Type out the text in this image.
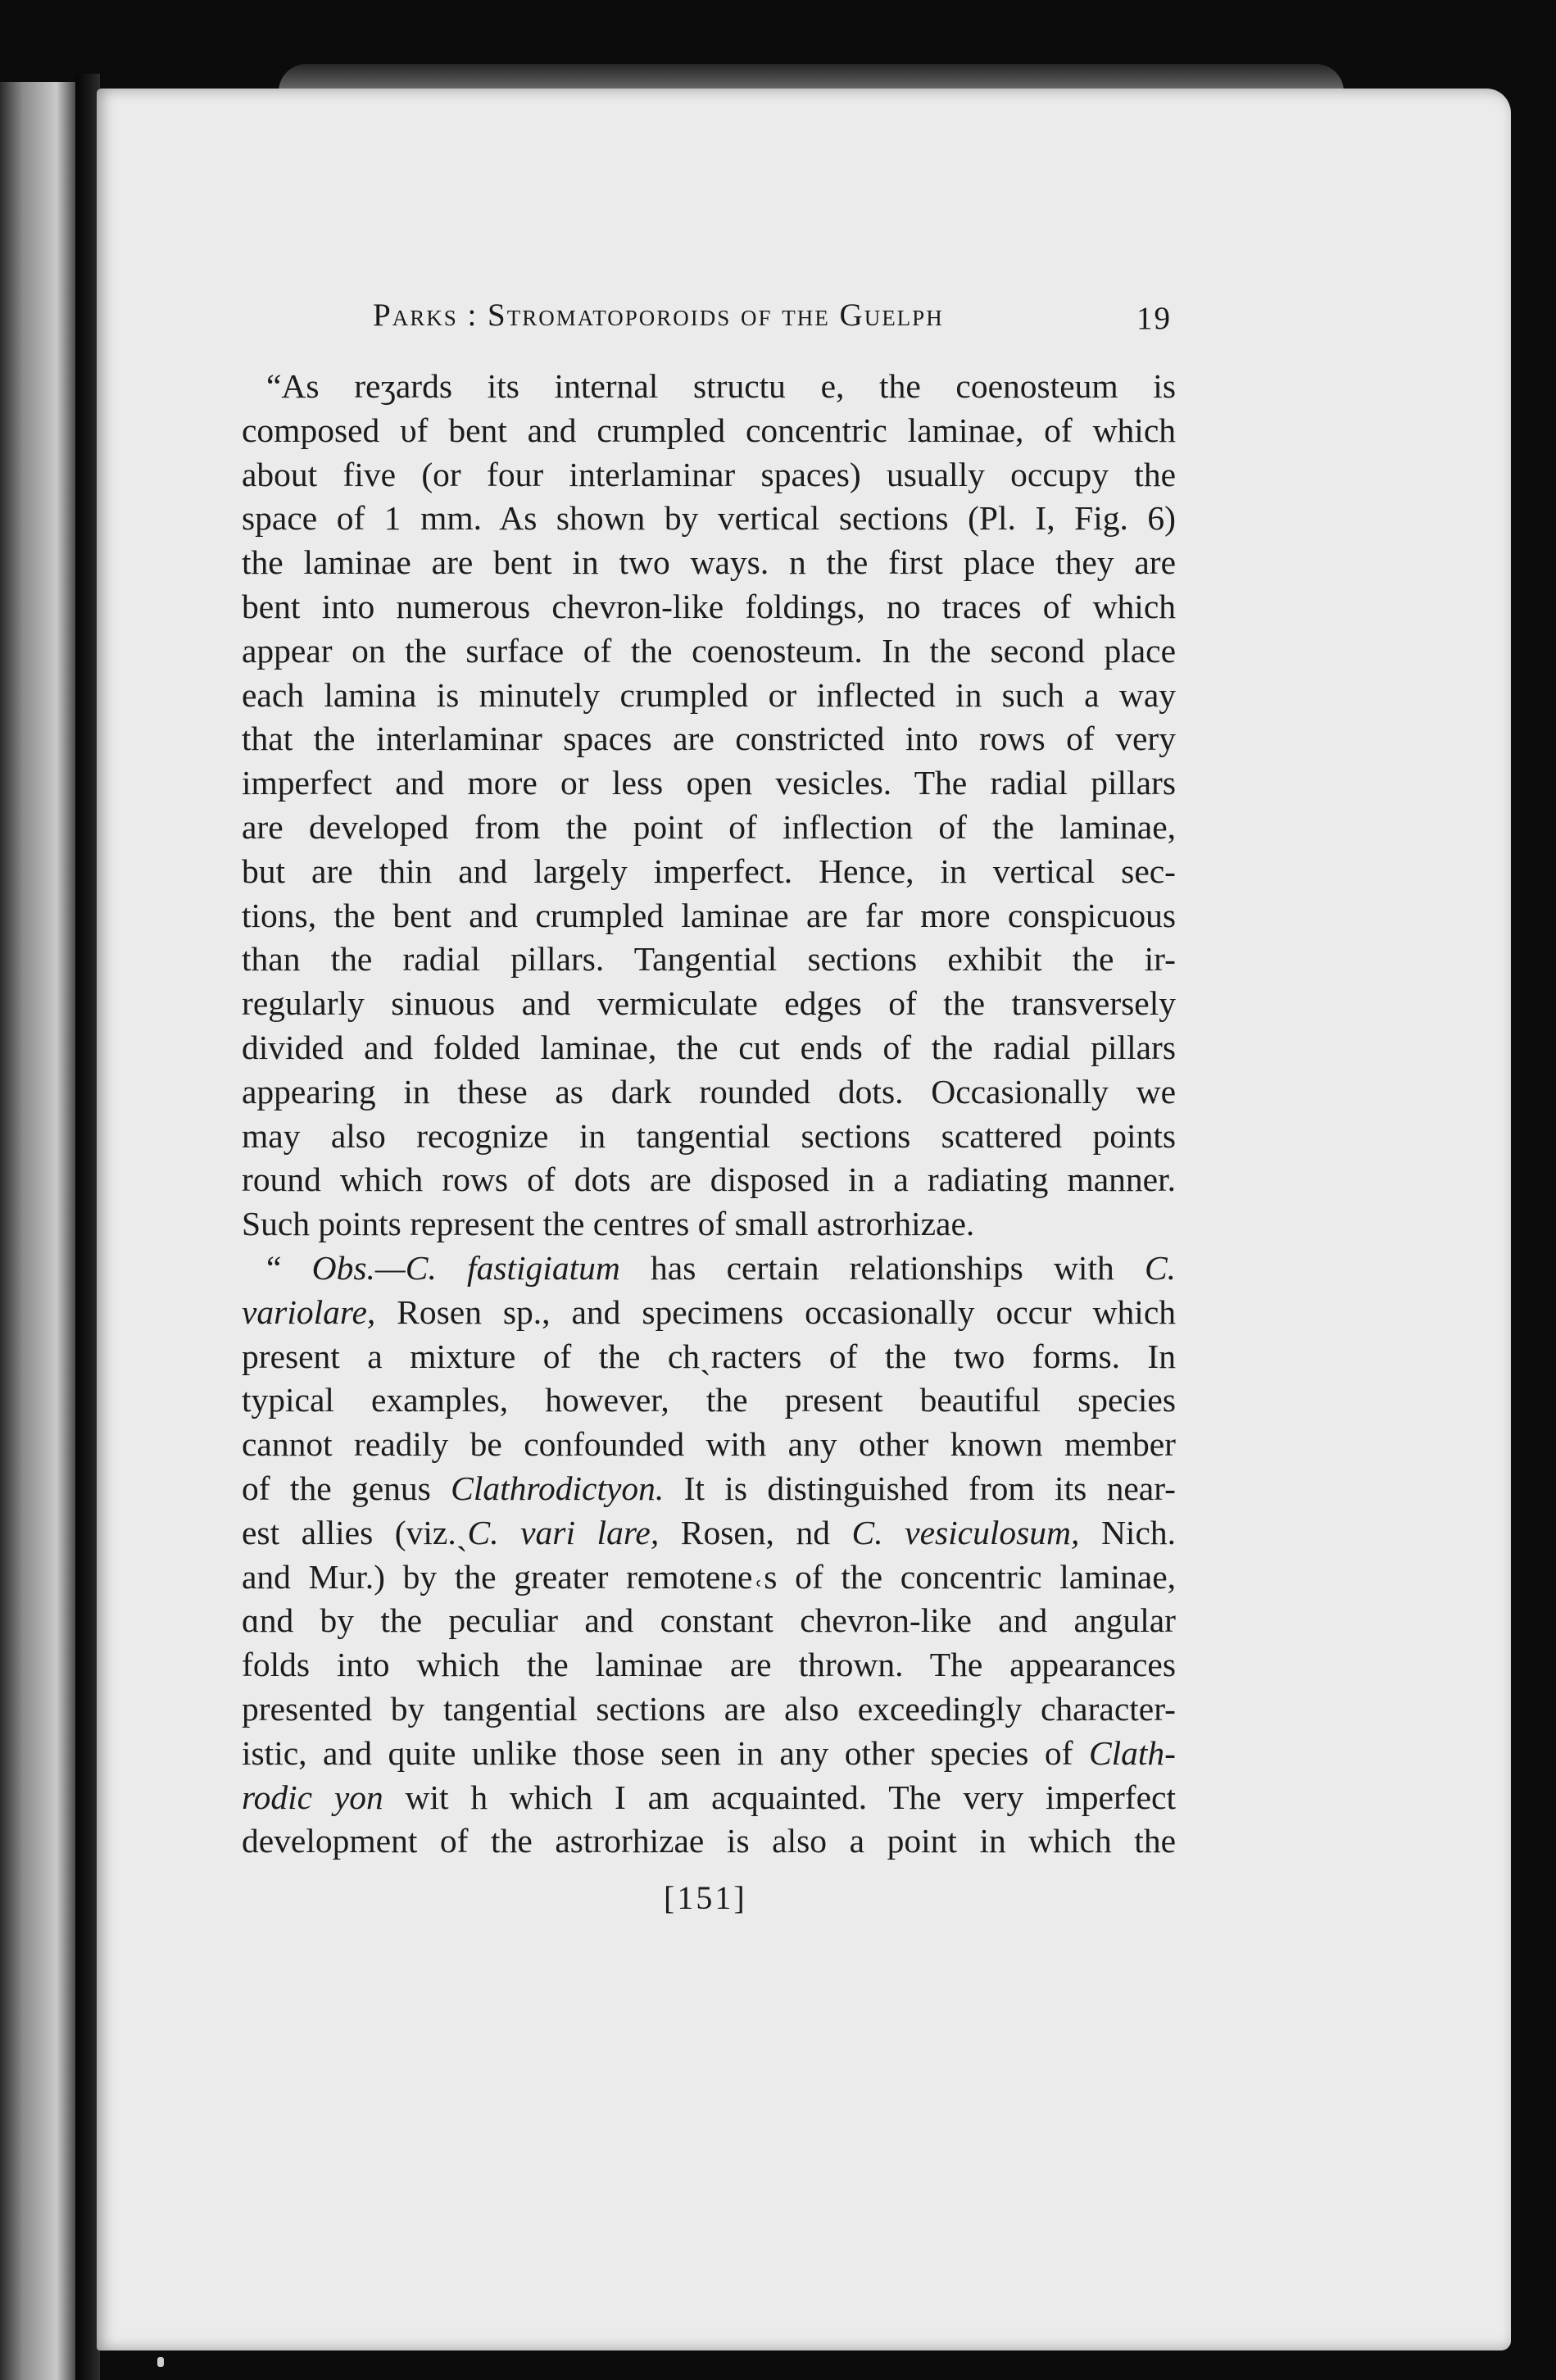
Parks : Stromatoporoids of the Guelph	19
“As reʒards its internal structu e, the coenosteum is
composed υf bent and crumpled concentric laminae, of which
about five (or four interlaminar spaces) usually occupy the
space of 1 mm. As shown by vertical sections (Pl. I, Fig. 6)
the laminae are bent in two ways. n the first place they are
bent into numerous chevron-like foldings, no traces of which
appear on the surface of the coenosteum. In the second place
each lamina is minutely crumpled or inflected in such a way
that the interlaminar spaces are constricted into rows of very
imperfect and more or less open vesicles. The radial pillars
are developed from the point of inflection of the laminae,
but are thin and largely imperfect. Hence, in vertical sec-
tions, the bent and crumpled laminae are far more conspicuous
than the radial pillars. Tangential sections exhibit the ir-
regularly sinuous and vermiculate edges of the transversely
divided and folded laminae, the cut ends of the radial pillars
appearing in these as dark rounded dots. Occasionally we
may also recognize in tangential sections scattered points
round which rows of dots are disposed in a radiating manner.
Such points represent the centres of small astrorhizae.
“ Obs.—C. fastigiatum has certain relationships with C.
variolare, Rosen sp., and specimens occasionally occur which
present a mixture of the chˏracters of the two forms. In
typical examples, however, the present beautiful species
cannot readily be confounded with any other known member
of the genus Clathrodictyon. It is distinguished from its near-
est allies (viz.ˎC. vari lare, Rosen, nd C. vesiculosum, Nich.
and Mur.) by the greater remotene˓s of the concentric laminae,
ɑnd by the peculiar and constant chevron-like and angular
folds into which the laminae are thrown. The appearances
presented by tangential sections are also exceedingly character-
istic, and quite unlike those seen in any other species of Clath-
rodic yon wit h which I am acquainted. The very imperfect
development of the astrorhizae is also a point in which the
[151]
